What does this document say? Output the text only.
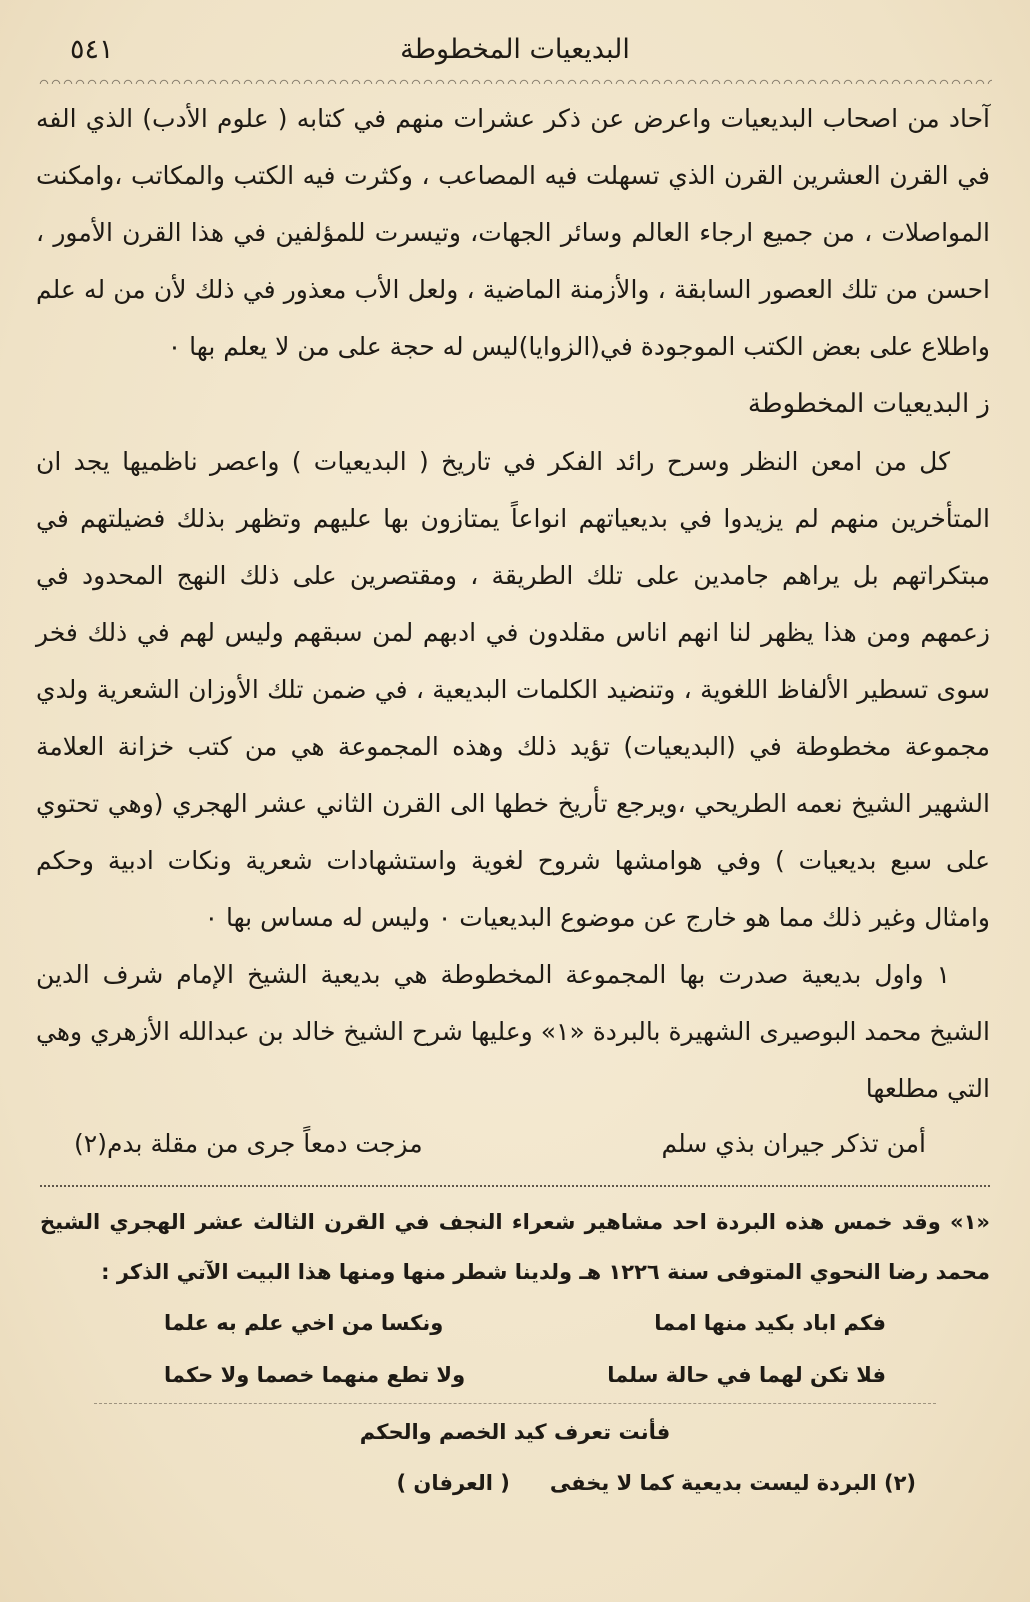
البديعيات المخطوطة
٥٤١

آحاد من اصحاب البديعيات واعرض عن ذكر عشرات منهم في كتابه ( علوم الأدب) الذي الفه في القرن العشرين القرن الذي تسهلت فيه المصاعب ، وكثرت فيه الكتب والمكاتب ،وامكنت المواصلات ، من جميع ارجاء العالم وسائر الجهات، وتيسرت للمؤلفين في هذا القرن الأمور ، احسن من تلك العصور السابقة ، والأزمنة الماضية ، ولعل الأب معذور في ذلك لأن من له علم واطلاع على بعض الكتب الموجودة في(الزوايا)ليس له حجة على من لا يعلم بها ٠

ز البديعيات المخطوطة

كل من امعن النظر وسرح رائد الفكر في تاريخ ( البديعيات ) واعصر ناظميها يجد ان المتأخرين منهم لم يزيدوا في بديعياتهم انواعاً يمتازون بها عليهم وتظهر بذلك فضيلتهم في مبتكراتهم بل يراهم جامدين على تلك الطريقة ، ومقتصرين على ذلك النهج المحدود في زعمهم ومن هذا يظهر لنا انهم اناس مقلدون في ادبهم لمن سبقهم وليس لهم في ذلك فخر سوى تسطير الألفاظ اللغوية ، وتنضيد الكلمات البديعية ، في ضمن تلك الأوزان الشعرية ولدي مجموعة مخطوطة في (البديعيات) تؤيد ذلك وهذه المجموعة هي من كتب خزانة العلامة الشهير الشيخ نعمه الطريحي ،ويرجع تأريخ خطها الى القرن الثاني عشر الهجري (وهي تحتوي على سبع بديعيات ) وفي هوامشها شروح لغوية واستشهادات شعرية ونكات ادبية وحكم وامثال وغير ذلك مما هو خارج عن موضوع البديعيات ٠ وليس له مساس بها ٠

١ واول بديعية صدرت بها المجموعة المخطوطة هي بديعية الشيخ الإمام شرف الدين الشيخ محمد البوصيرى الشهيرة بالبردة «١» وعليها شرح الشيخ خالد بن عبدالله الأزهري وهي التي مطلعها

أمن تذكر جيران بذي سلم
مزجت دمعاً جرى من مقلة بدم(٢)
«١» وقد خمس هذه البردة احد مشاهير شعراء النجف في القرن الثالث عشر الهجري الشيخ محمد رضا النحوي المتوفى سنة ١٢٢٦ هـ ولدينا شطر منها ومنها هذا البيت الآتي الذكر :
فكم اباد بكيد منها امما
ونكسا من اخي علم به علما
فلا تكن لهما في حالة سلما
ولا تطع منهما خصما ولا حكما
فأنت تعرف كيد الخصم والحكم
(٢) البردة ليست بديعية كما لا يخفى
( العرفان )
